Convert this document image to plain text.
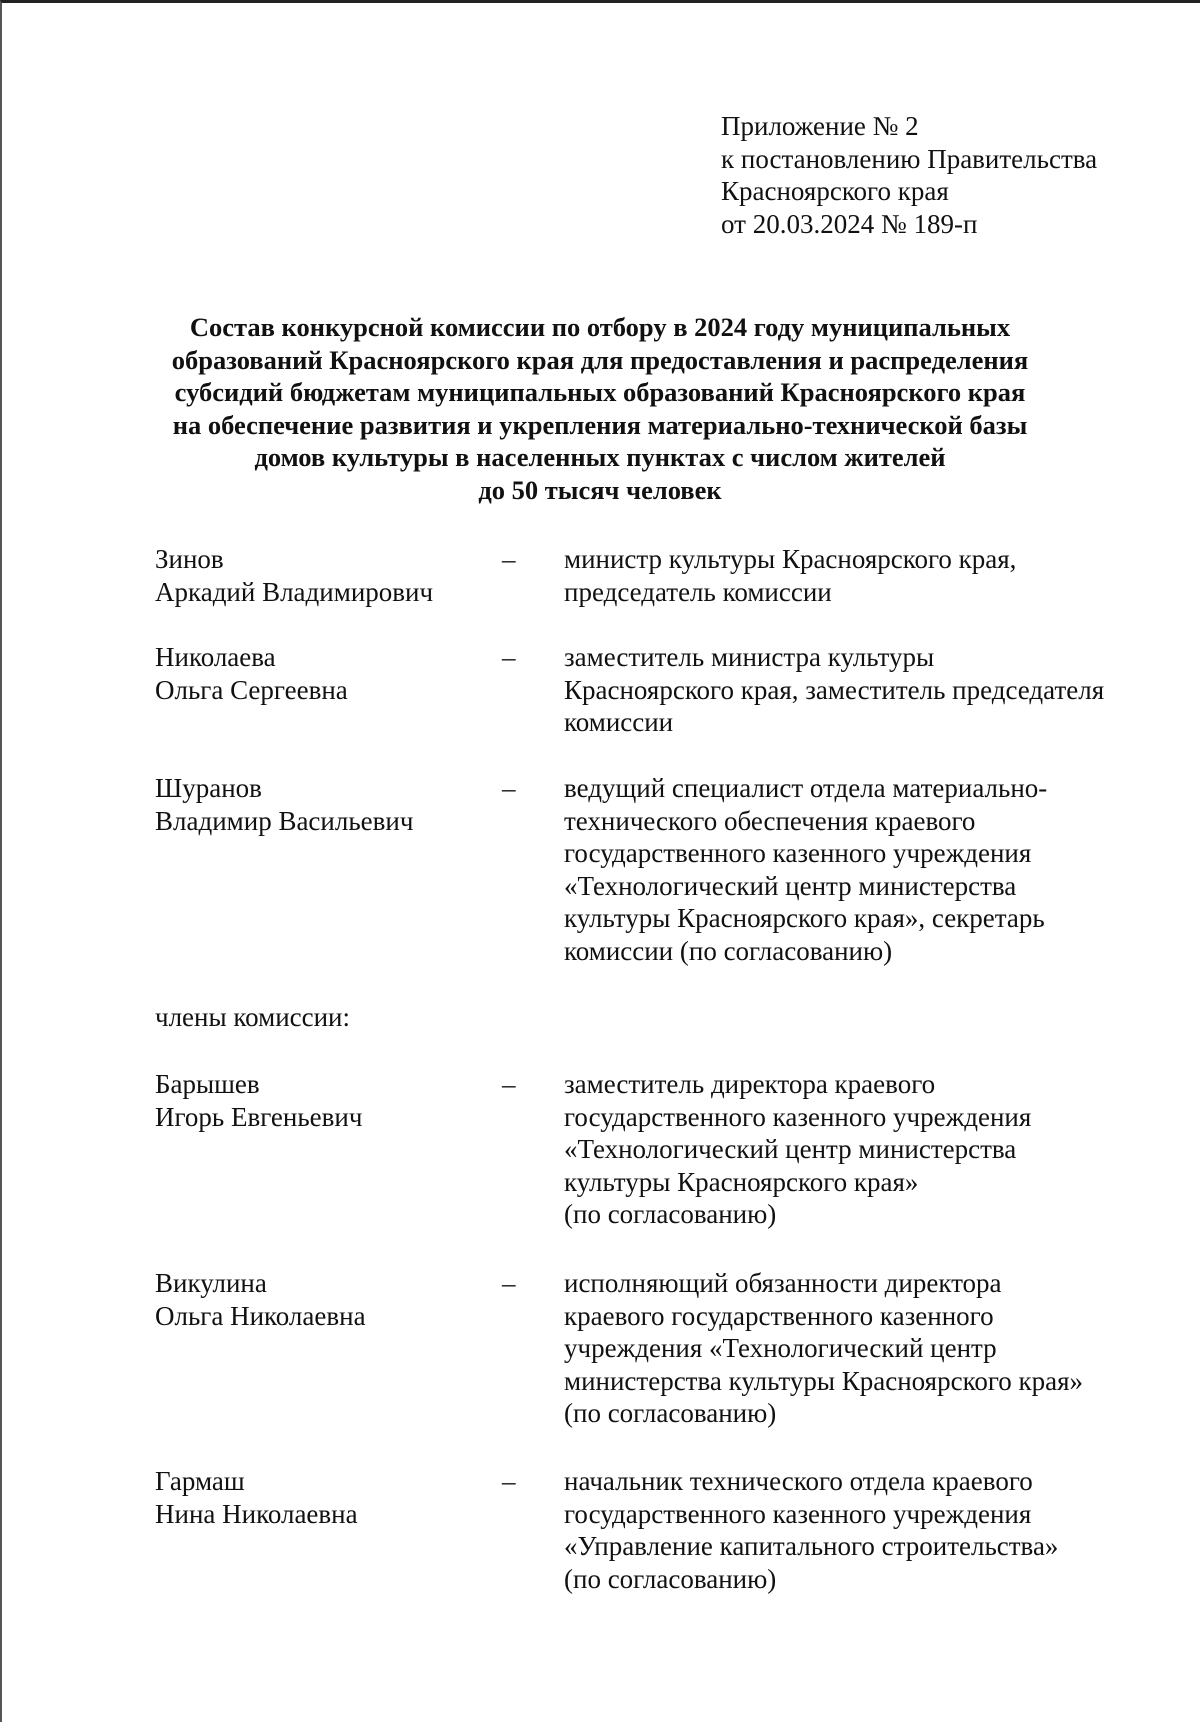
Приложение № 2
к постановлению Правительства
Красноярского края
от 20.03.2024 № 189-п
Состав конкурсной комиссии по отбору в 2024 году муниципальных
образований Красноярского края для предоставления и распределения
субсидий бюджетам муниципальных образований Красноярского края
на обеспечение развития и укрепления материально-технической базы
домов культуры в населенных пунктах с числом жителей
до 50 тысяч человек
Зинов
Аркадий Владимирович
– министр культуры Красноярского края,
председатель комиссии
Николаева
Ольга Сергеевна
– заместитель министра культуры
Красноярского края, заместитель председателя
комиссии
Шуранов
Владимир Васильевич
– ведущий специалист отдела материально-
технического обеспечения краевого
государственного казенного учреждения
«Технологический центр министерства
культуры Красноярского края», секретарь
комиссии (по согласованию)
члены комиссии:
Барышев
Игорь Евгеньевич
– заместитель директора краевого
государственного казенного учреждения
«Технологический центр министерства
культуры Красноярского края»
(по согласованию)
Викулина
Ольга Николаевна
– исполняющий обязанности директора
краевого государственного казенного
учреждения «Технологический центр
министерства культуры Красноярского края»
(по согласованию)
Гармаш
Нина Николаевна
– начальник технического отдела краевого
государственного казенного учреждения
«Управление капитального строительства»
(по согласованию)
